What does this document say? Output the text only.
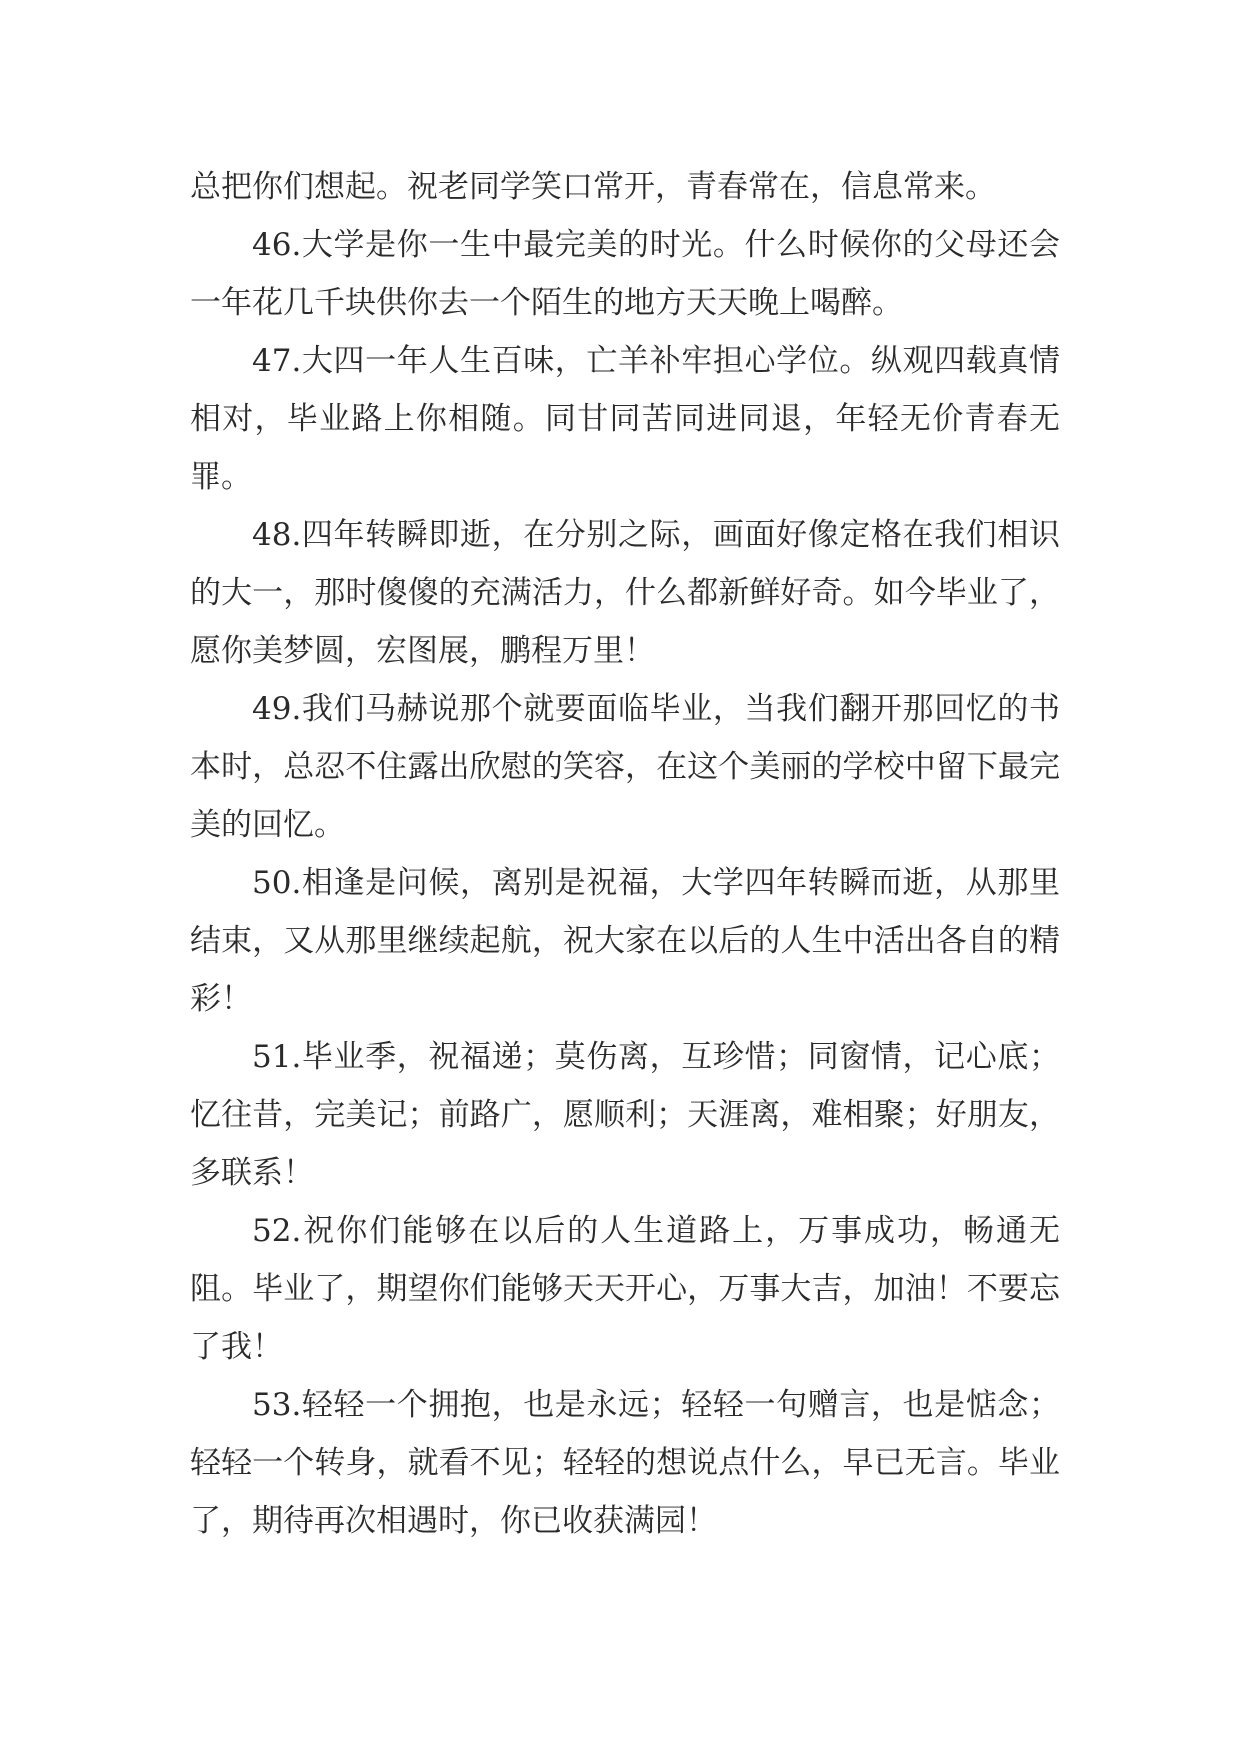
总把你们想起。祝老同学笑口常开，青春常在，信息常来。

46.大学是你一生中最完美的时光。什么时候你的父母还会一年花几千块供你去一个陌生的地方天天晚上喝醉。

47.大四一年人生百味，亡羊补牢担心学位。纵观四载真情相对，毕业路上你相随。同甘同苦同进同退，年轻无价青春无罪。

48.四年转瞬即逝，在分别之际，画面好像定格在我们相识的大一，那时傻傻的充满活力，什么都新鲜好奇。如今毕业了，愿你美梦圆，宏图展，鹏程万里！

49.我们马赫说那个就要面临毕业，当我们翻开那回忆的书本时，总忍不住露出欣慰的笑容，在这个美丽的学校中留下最完美的回忆。

50.相逢是问候，离别是祝福，大学四年转瞬而逝，从那里结束，又从那里继续起航，祝大家在以后的人生中活出各自的精彩！

51.毕业季，祝福递；莫伤离，互珍惜；同窗情，记心底；忆往昔，完美记；前路广，愿顺利；天涯离，难相聚；好朋友，多联系！

52.祝你们能够在以后的人生道路上，万事成功，畅通无阻。毕业了，期望你们能够天天开心，万事大吉，加油！不要忘了我！

53.轻轻一个拥抱，也是永远；轻轻一句赠言，也是惦念；轻轻一个转身，就看不见；轻轻的想说点什么，早已无言。毕业了，期待再次相遇时，你已收获满园！
